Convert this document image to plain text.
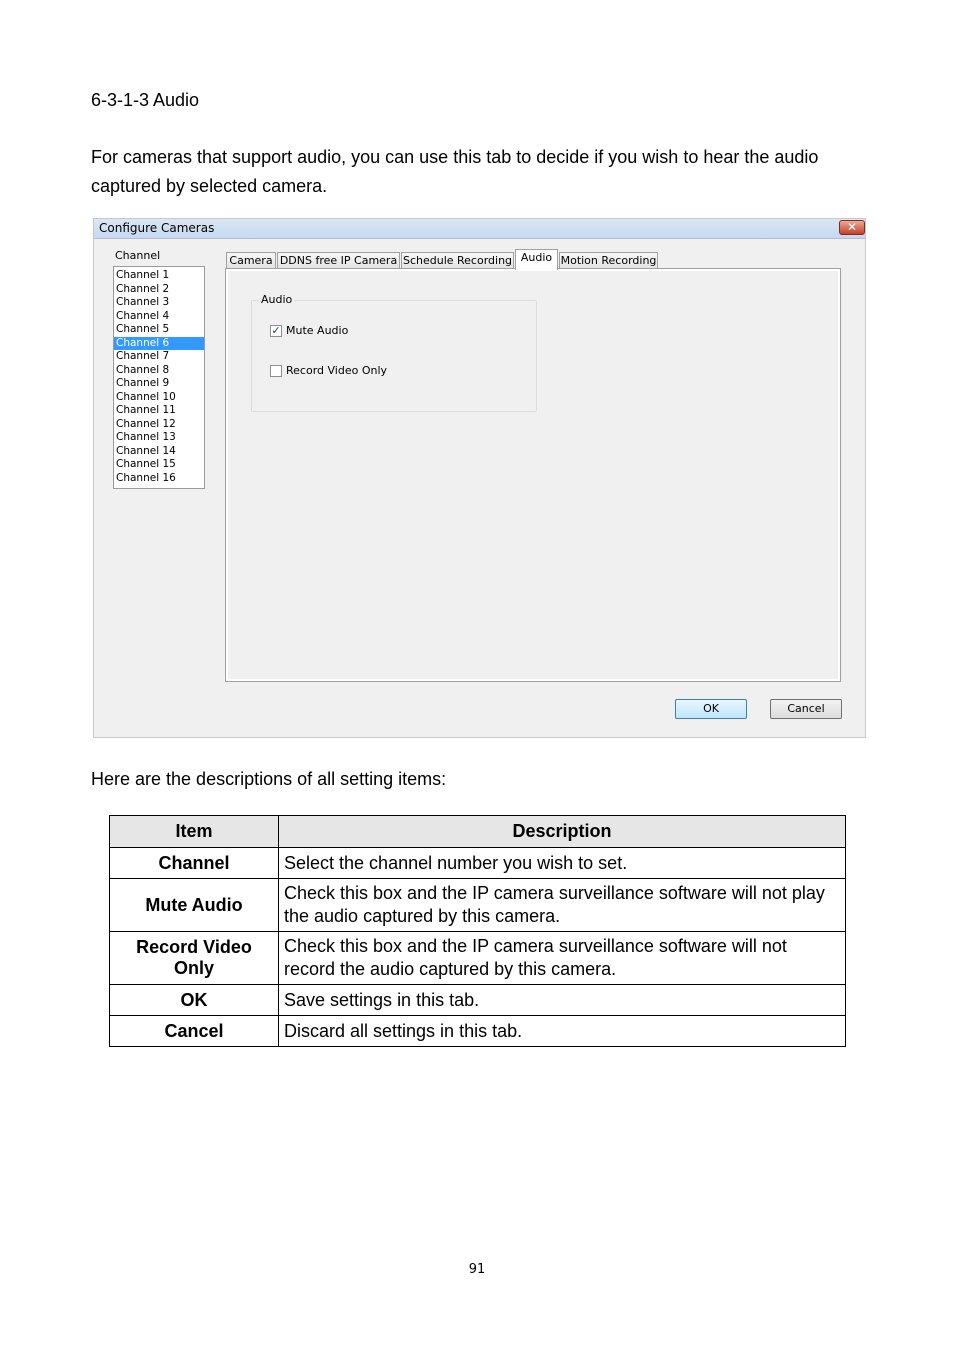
6-3-1-3 Audio
For cameras that support audio, you can use this tab to decide if you wish to hear the audio captured by selected camera.
Configure Cameras	✕
Channel
Channel 1
Channel 2
Channel 3
Channel 4
Channel 5
Channel 6
Channel 7
Channel 8
Channel 9
Channel 10
Channel 11
Channel 12
Channel 13
Channel 14
Channel 15
Channel 16
Camera DDNS free IP Camera Schedule Recording Audio Motion Recording
Audio
✓ Mute Audio
Record Video Only
OK	Cancel
Here are the descriptions of all setting items:
Item	Description
Channel	Select the channel number you wish to set.
Mute Audio	Check this box and the IP camera surveillance software will not play the audio captured by this camera.
Record Video Only	Check this box and the IP camera surveillance software will not record the audio captured by this camera.
OK	Save settings in this tab.
Cancel	Discard all settings in this tab.
91
